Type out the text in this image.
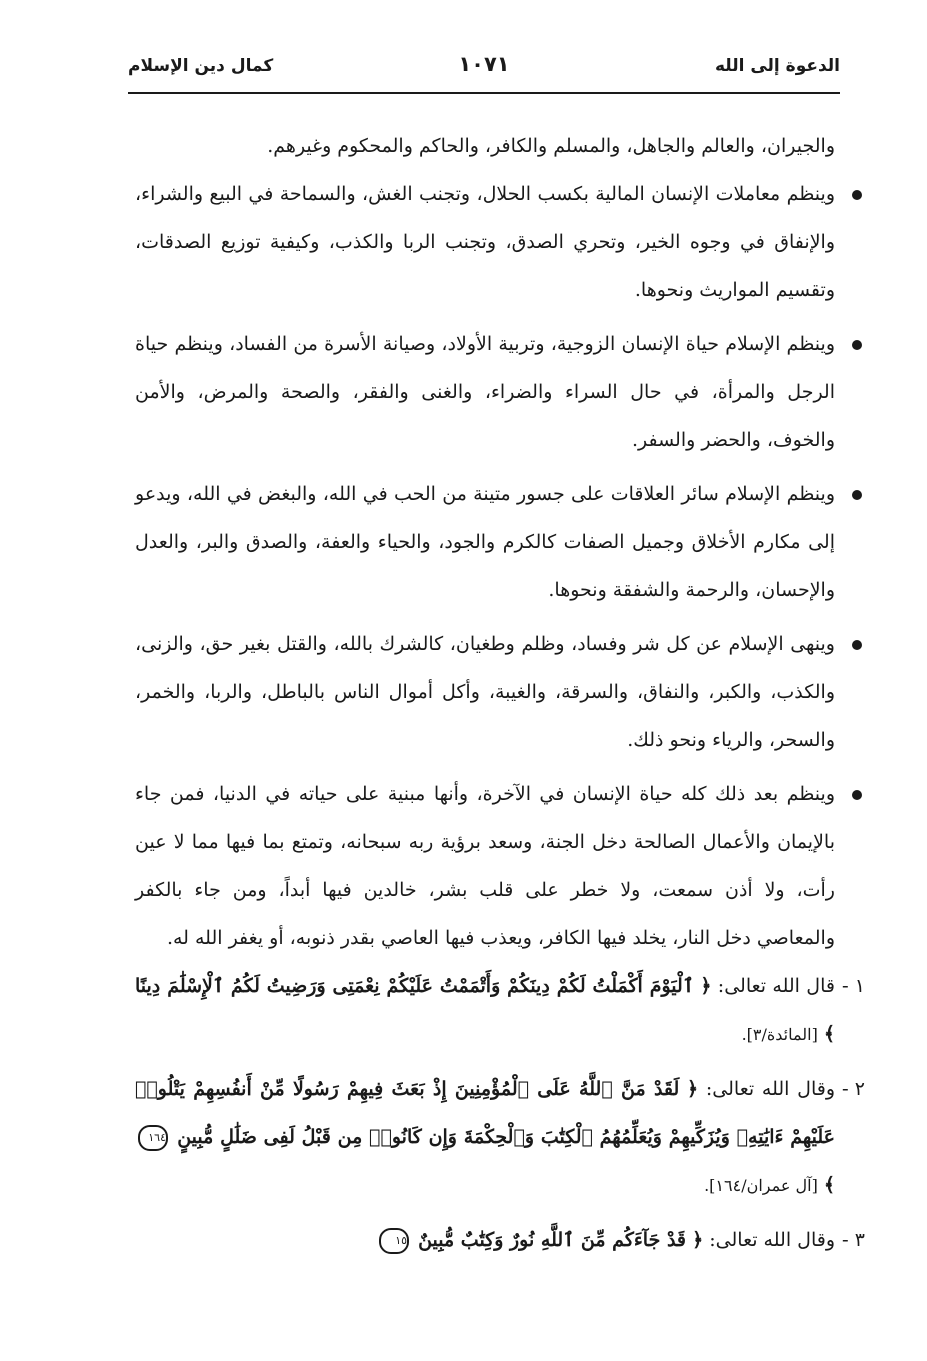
الدعوة إلى الله
١٠٧١
كمال دين الإسلام

والجيران، والعالم والجاهل، والمسلم والكافر، والحاكم والمحكوم وغيرهم.

وينظم معاملات الإنسان المالية بكسب الحلال، وتجنب الغش، والسماحة في البيع والشراء، والإنفاق في وجوه الخير، وتحري الصدق، وتجنب الربا والكذب، وكيفية توزيع الصدقات، وتقسيم المواريث ونحوها.

وينظم الإسلام حياة الإنسان الزوجية، وتربية الأولاد، وصيانة الأسرة من الفساد، وينظم حياة الرجل والمرأة، في حال السراء والضراء، والغنى والفقر، والصحة والمرض، والأمن والخوف، والحضر والسفر.

وينظم الإسلام سائر العلاقات على جسور متينة من الحب في الله، والبغض في الله، ويدعو إلى مكارم الأخلاق وجميل الصفات كالكرم والجود، والحياء والعفة، والصدق والبر، والعدل والإحسان، والرحمة والشفقة ونحوها.

وينهى الإسلام عن كل شر وفساد، وظلم وطغيان، كالشرك بالله، والقتل بغير حق، والزنى، والكذب، والكبر، والنفاق، والسرقة، والغيبة، وأكل أموال الناس بالباطل، والربا، والخمر، والسحر، والرياء ونحو ذلك.

وينظم بعد ذلك كله حياة الإنسان في الآخرة، وأنها مبنية على حياته في الدنيا، فمن جاء بالإيمان والأعمال الصالحة دخل الجنة، وسعد برؤية ربه سبحانه، وتمتع بما فيها مما لا عين رأت، ولا أذن سمعت، ولا خطر على قلب بشر، خالدين فيها أبداً، ومن جاء بالكفر والمعاصي دخل النار، يخلد فيها الكافر، ويعذب فيها العاصي بقدر ذنوبه، أو يغفر الله له.

١ -
قال الله تعالى: ﴿ ٱلْيَوْمَ أَكْمَلْتُ لَكُمْ دِينَكُمْ وَأَتْمَمْتُ عَلَيْكُمْ نِعْمَتِى وَرَضِيتُ لَكُمُ ٱلْإِسْلَٰمَ دِينًا ﴾ [المائدة/٣].

٢ -
وقال الله تعالى: ﴿ لَقَدْ مَنَّ ٱللَّهُ عَلَى ٱلْمُؤْمِنِينَ إِذْ بَعَثَ فِيهِمْ رَسُولًا مِّنْ أَنفُسِهِمْ يَتْلُوا۟ عَلَيْهِمْ ءَايَٰتِهِۦ وَيُزَكِّيهِمْ وَيُعَلِّمُهُمُ ٱلْكِتَٰبَ وَٱلْحِكْمَةَ وَإِن كَانُوا۟ مِن قَبْلُ لَفِى ضَلَٰلٍ مُّبِينٍ ١٦٤ ﴾ [آل عمران/١٦٤].

٣ -
وقال الله تعالى: ﴿ قَدْ جَآءَكُم مِّنَ ٱللَّهِ نُورٌ وَكِتَٰبٌ مُّبِينٌ ١٥
